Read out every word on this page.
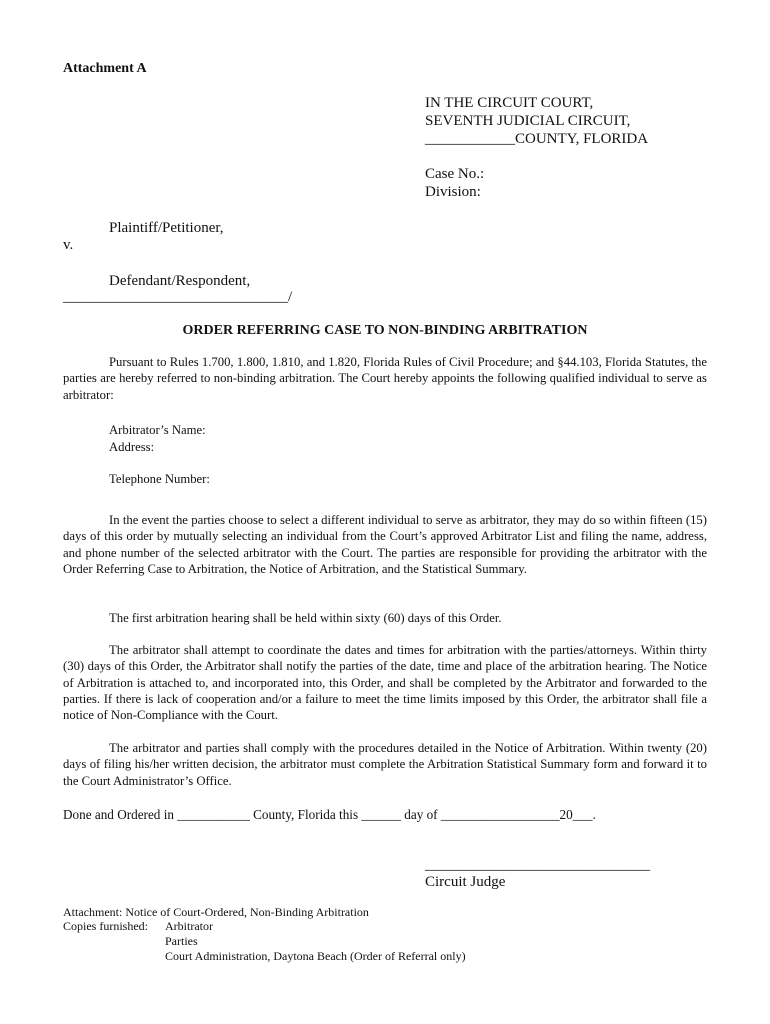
Attachment A
IN THE CIRCUIT COURT,
SEVENTH JUDICIAL CIRCUIT,
____________COUNTY, FLORIDA
Case No.:
Division:
Plaintiff/Petitioner,
v.
Defendant/Respondent,
______________________________/
ORDER REFERRING CASE TO NON-BINDING ARBITRATION
Pursuant to Rules 1.700, 1.800, 1.810, and 1.820, Florida Rules of Civil Procedure; and §44.103, Florida Statutes, the parties are hereby referred to non-binding arbitration. The Court hereby appoints the following qualified individual to serve as arbitrator:
Arbitrator’s Name:
Address:
Telephone Number:
In the event the parties choose to select a different individual to serve as arbitrator, they may do so within fifteen (15) days of this order by mutually selecting an individual from the Court’s approved Arbitrator List and filing the name, address, and phone number of the selected arbitrator with the Court. The parties are responsible for providing the arbitrator with the Order Referring Case to Arbitration, the Notice of Arbitration, and the Statistical Summary.
The first arbitration hearing shall be held within sixty (60) days of this Order.
The arbitrator shall attempt to coordinate the dates and times for arbitration with the parties/attorneys. Within thirty (30) days of this Order, the Arbitrator shall notify the parties of the date, time and place of the arbitration hearing. The Notice of Arbitration is attached to, and incorporated into, this Order, and shall be completed by the Arbitrator and forwarded to the parties. If there is lack of cooperation and/or a failure to meet the time limits imposed by this Order, the arbitrator shall file a notice of Non-Compliance with the Court.
The arbitrator and parties shall comply with the procedures detailed in the Notice of Arbitration. Within twenty (20) days of filing his/her written decision, the arbitrator must complete the Arbitration Statistical Summary form and forward it to the Court Administrator’s Office.
Done and Ordered in ___________ County, Florida this ______ day of __________________20___.
______________________________
Circuit Judge
Attachment: Notice of Court-Ordered, Non-Binding Arbitration
Copies furnished: Arbitrator
Parties
Court Administration, Daytona Beach (Order of Referral only)
